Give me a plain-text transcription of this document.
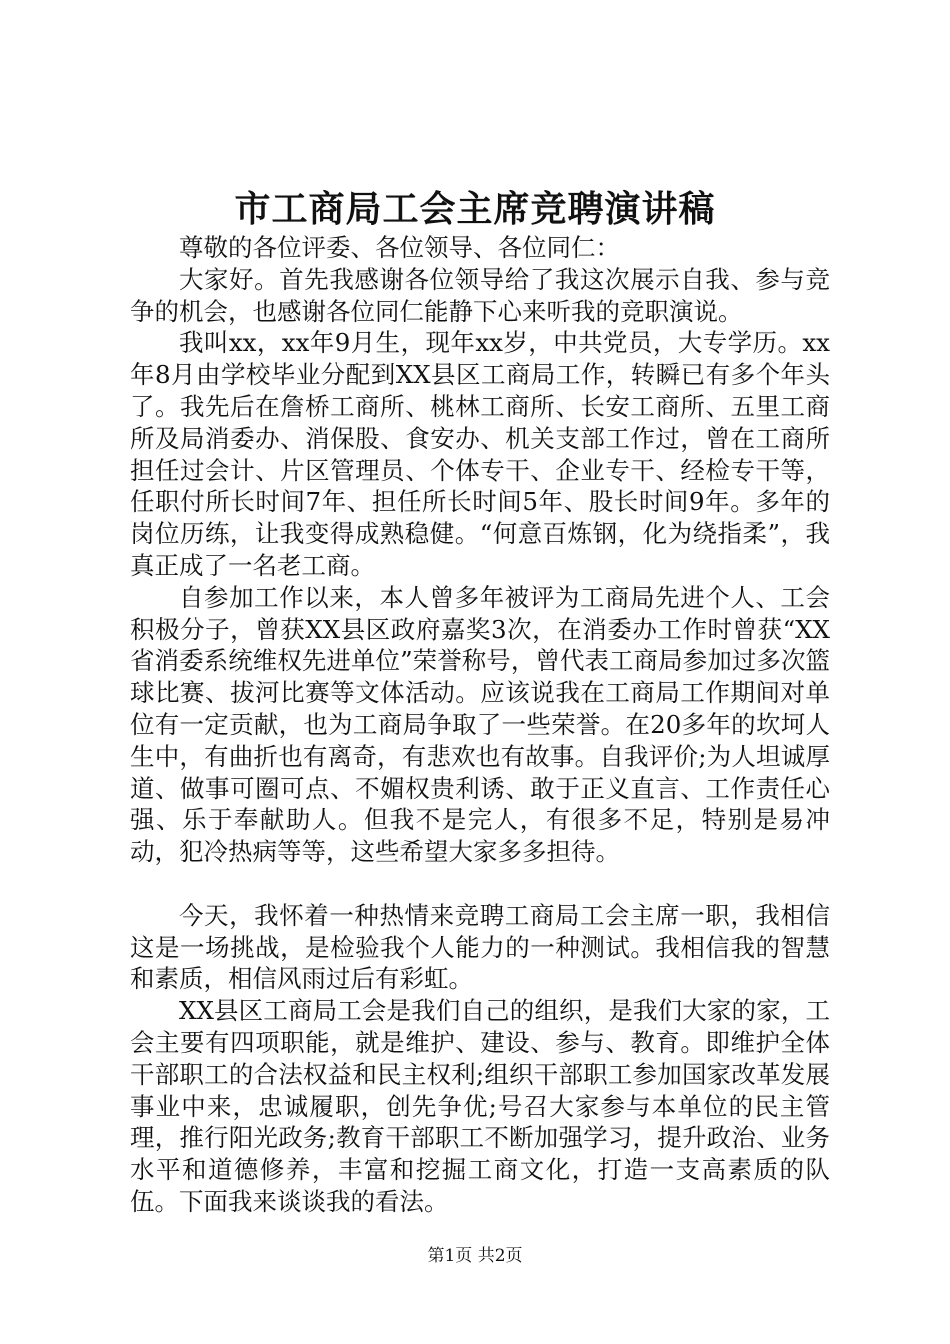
市工商局工会主席竞聘演讲稿

尊敬的各位评委、各位领导、各位同仁：

大家好。首先我感谢各位领导给了我这次展示自我、参与竞争的机会，也感谢各位同仁能静下心来听我的竞职演说。

我叫xx，xx年9月生，现年xx岁，中共党员，大专学历。xx年8月由学校毕业分配到XX县区工商局工作，转瞬已有多个年头了。我先后在詹桥工商所、桃林工商所、长安工商所、五里工商所及局消委办、消保股、食安办、机关支部工作过，曾在工商所担任过会计、片区管理员、个体专干、企业专干、经检专干等，任职付所长时间7年、担任所长时间5年、股长时间9年。多年的岗位历练，让我变得成熟稳健。“何意百炼钢，化为绕指柔”，我真正成了一名老工商。

自参加工作以来，本人曾多年被评为工商局先进个人、工会积极分子，曾获XX县区政府嘉奖3次，在消委办工作时曾获“XX省消委系统维权先进单位”荣誉称号，曾代表工商局参加过多次篮球比赛、拔河比赛等文体活动。应该说我在工商局工作期间对单位有一定贡献，也为工商局争取了一些荣誉。在20多年的坎坷人生中，有曲折也有离奇，有悲欢也有故事。自我评价;为人坦诚厚道、做事可圈可点、不媚权贵利诱、敢于正义直言、工作责任心强、乐于奉献助人。但我不是完人，有很多不足，特别是易冲动，犯冷热病等等，这些希望大家多多担待。

今天，我怀着一种热情来竞聘工商局工会主席一职，我相信这是一场挑战，是检验我个人能力的一种测试。我相信我的智慧和素质，相信风雨过后有彩虹。

XX县区工商局工会是我们自己的组织，是我们大家的家，工会主要有四项职能，就是维护、建设、参与、教育。即维护全体干部职工的合法权益和民主权利;组织干部职工参加国家改革发展事业中来，忠诚履职，创先争优;号召大家参与本单位的民主管理，推行阳光政务;教育干部职工不断加强学习，提升政治、业务水平和道德修养，丰富和挖掘工商文化，打造一支高素质的队伍。下面我来谈谈我的看法。

第1页 共2页
